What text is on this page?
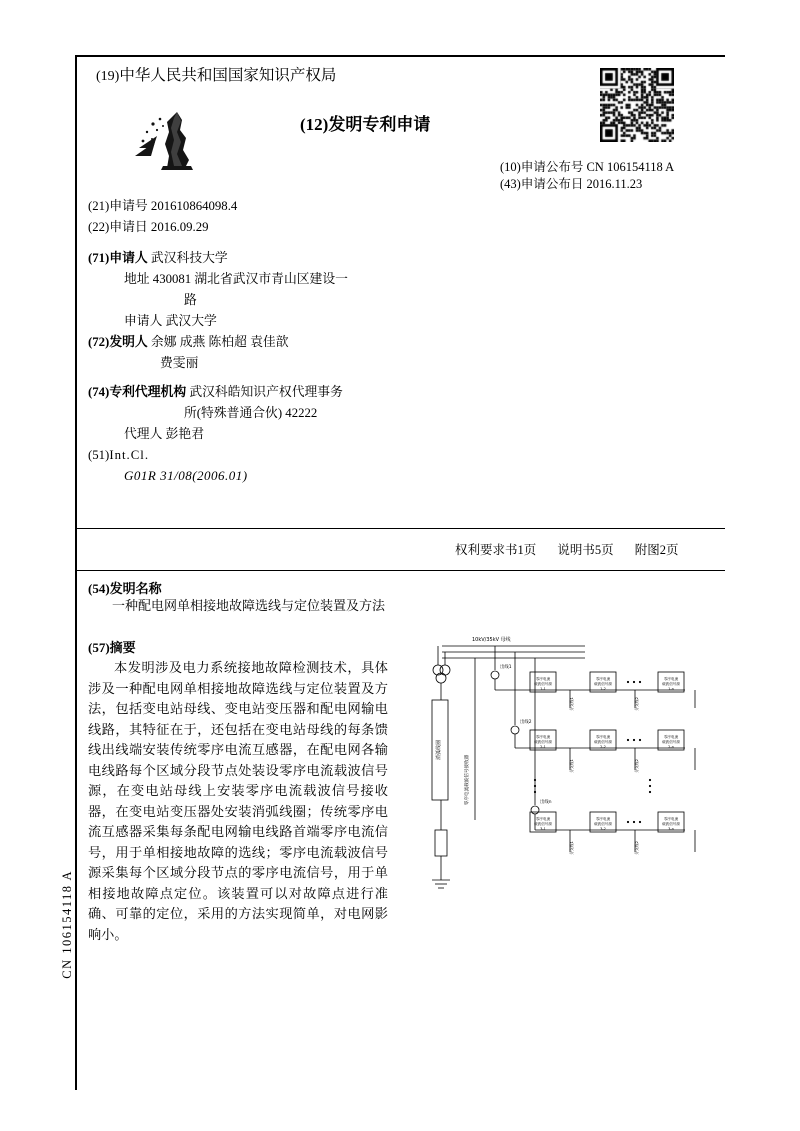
(19)中华人民共和国国家知识产权局
(12)发明专利申请
(10)申请公布号 CN 106154118 A
(43)申请公布日 2016.11.23
(21)申请号 201610864098.4
(22)申请日 2016.09.29
(71)申请人 武汉科技大学
地址 430081 湖北省武汉市青山区建设一
路
申请人 武汉大学
(72)发明人 余娜 成燕 陈柏超 袁佳歆
费雯丽
(74)专利代理机构 武汉科皓知识产权代理事务
所(特殊普通合伙) 42222
代理人 彭艳君
(51)Int.Cl.
G01R 31/08(2006.01)
权利要求书1页 说明书5页 附图2页
(54)发明名称
一种配电网单相接地故障选线与定位装置及方法
(57)摘要
本发明涉及电力系统接地故障检测技术，具体涉及一种配电网单相接地故障选线与定位装置及方法，包括变电站母线、变电站变压器和配电网输电线路，其特征在于，还包括在变电站母线的每条馈线出线端安装传统零序电流互感器，在配电网各输电线路每个区域分段节点处装设零序电流载波信号源，在变电站母线上安装零序电流载波信号接收器，在变电站变压器处安装消弧线圈；传统零序电流互感器采集每条配电网输电线路首端零序电流信号，用于单相接地故障的选线；零序电流载波信号源采集每个区域分段节点的零序电流信号，用于单相接地故障点定位。该装置可以对故障点进行准确、可靠的定位，采用的方法实现简单，对电网影响小。
CN 106154118 A
10kV/35kV 母线
消弧线圈
零序电流载波信号接收器
出线1
出线2
出线n
零序电流
载波信号源
1-1
零序电流
载波信号源
1-2
零序电流
载波信号源
1-n
零序电流
载波信号源
2-1
零序电流
载波信号源
2-2
零序电流
载波信号源
2-n
零序电流
载波信号源
3-1
零序电流
载波信号源
3-2
零序电流
载波信号源
3-n
分支线1	分支线2
分支线1	分支线2
分支线1	分支线2
